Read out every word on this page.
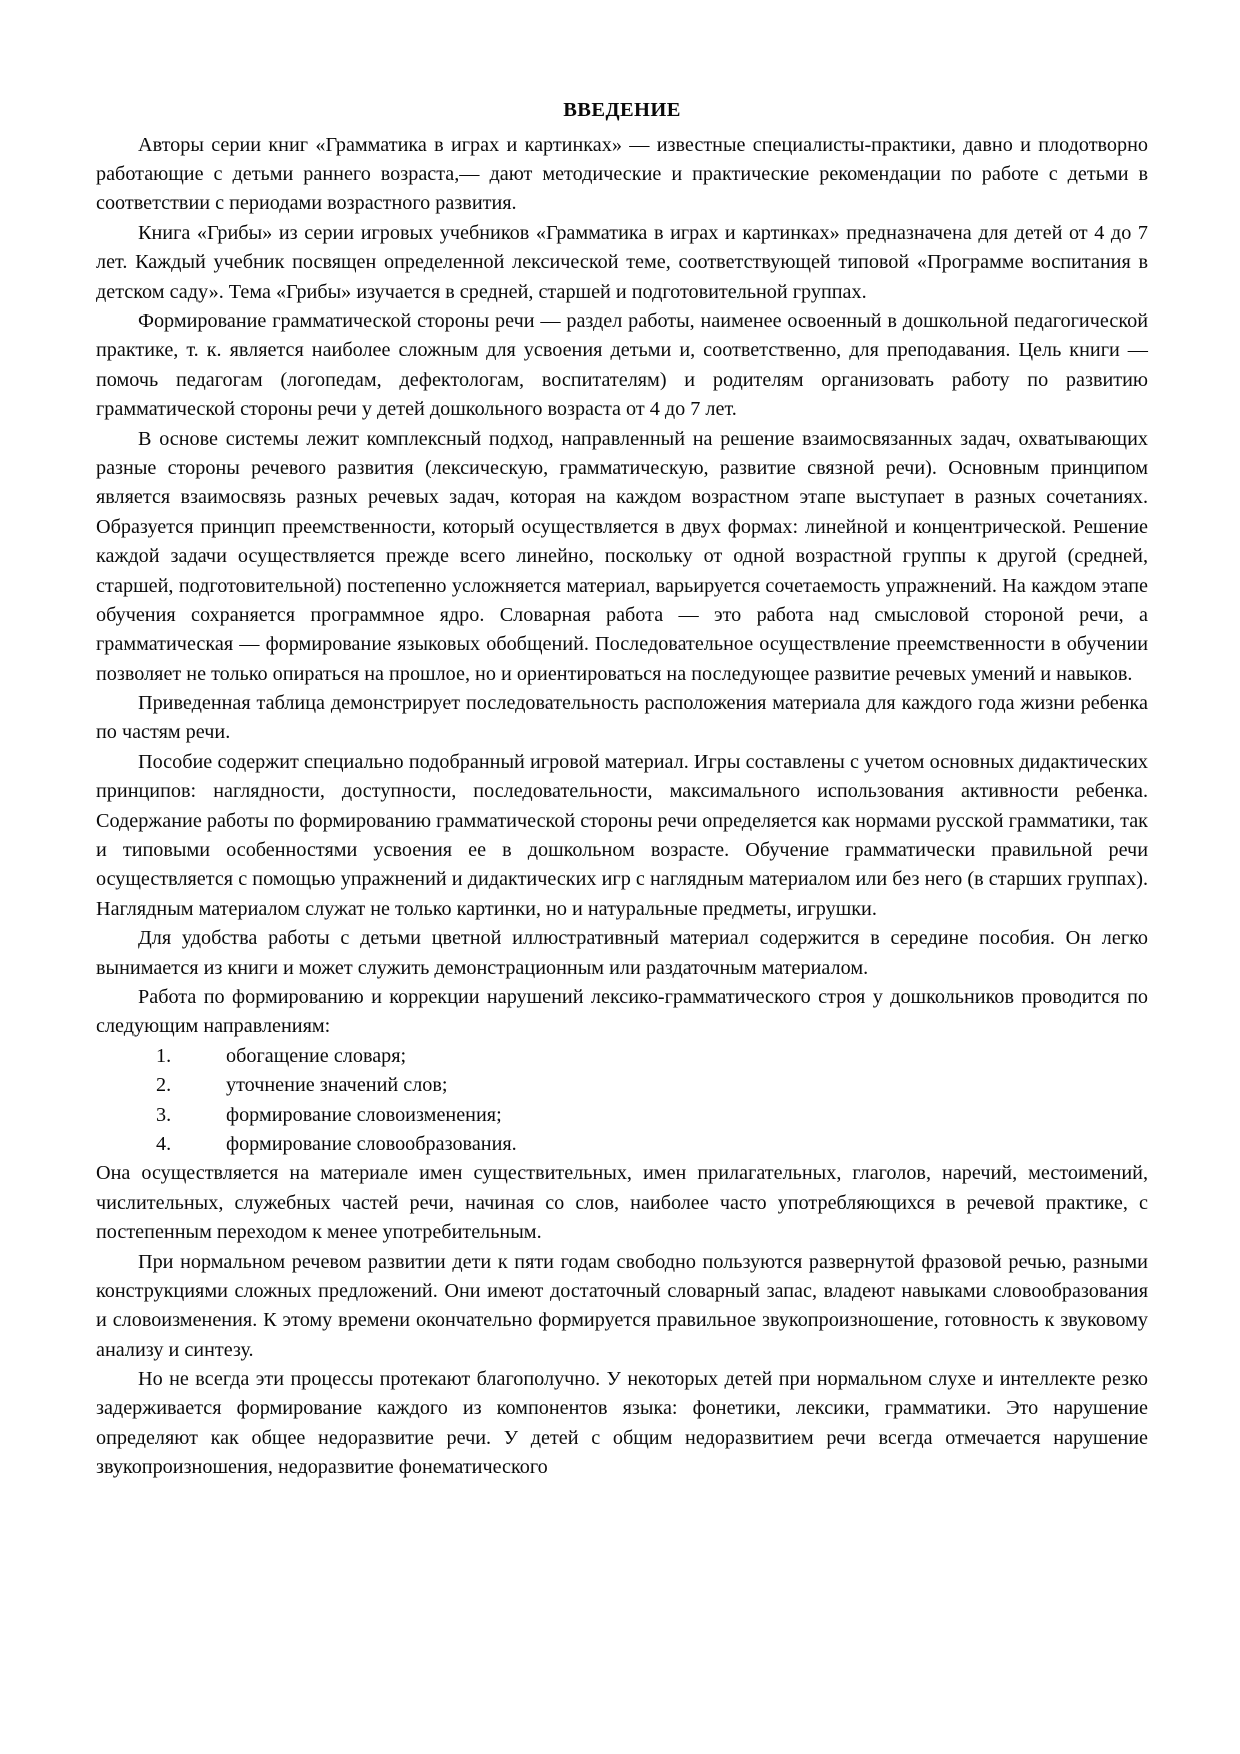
ВВЕДЕНИЕ

Авторы серии книг «Грамматика в играх и картинках» — известные специалисты-практики, давно и плодотворно работающие с детьми раннего возраста,— дают методические и практические рекомендации по работе с детьми в соответствии с периодами возрастного развития.

Книга «Грибы» из серии игровых учебников «Грамматика в играх и картинках» предназначена для детей от 4 до 7 лет. Каждый учебник посвящен определенной лексической теме, соответствующей типовой «Программе воспитания в детском саду». Тема «Грибы» изучается в средней, старшей и подготовительной группах.

Формирование грамматической стороны речи — раздел работы, наименее освоенный в дошкольной педагогической практике, т. к. является наиболее сложным для усвоения детьми и, соответственно, для преподавания. Цель книги — помочь педагогам (логопедам, дефектологам, воспитателям) и родителям организовать работу по развитию грамматической стороны речи у детей дошкольного возраста от 4 до 7 лет.

В основе системы лежит комплексный подход, направленный на решение взаимосвязанных задач, охватывающих разные стороны речевого развития (лексическую, грамматическую, развитие связной речи). Основным принципом является взаимосвязь разных речевых задач, которая на каждом возрастном этапе выступает в разных сочетаниях. Образуется принцип преемственности, который осуществляется в двух формах: линейной и концентрической. Решение каждой задачи осуществляется прежде всего линейно, поскольку от одной возрастной группы к другой (средней, старшей, подготовительной) постепенно усложняется материал, варьируется сочетаемость упражнений. На каждом этапе обучения сохраняется программное ядро. Словарная работа — это работа над смысловой стороной речи, а грамматическая — формирование языковых обобщений. Последовательное осуществление преемственности в обучении позволяет не только опираться на прошлое, но и ориентироваться на последующее развитие речевых умений и навыков.

Приведенная таблица демонстрирует последовательность расположения материала для каждого года жизни ребенка по частям речи.

Пособие содержит специально подобранный игровой материал. Игры составлены с учетом основных дидактических принципов: наглядности, доступности, последовательности, максимального использования активности ребенка. Содержание работы по формированию грамматической стороны речи определяется как нормами русской грамматики, так и типовыми особенностями усвоения ее в дошкольном возрасте. Обучение грамматически правильной речи осуществляется с помощью упражнений и дидактических игр с наглядным материалом или без него (в старших группах). Наглядным материалом служат не только картинки, но и натуральные предметы, игрушки.

Для удобства работы с детьми цветной иллюстративный материал содержится в середине пособия. Он легко вынимается из книги и может служить демонстрационным или раздаточным материалом.

Работа по формированию и коррекции нарушений лексико-грамматического строя у дошкольников проводится по следующим направлениям:

1.	обогащение словаря;
2.	уточнение значений слов;
3.	формирование словоизменения;
4.	формирование словообразования.

Она осуществляется на материале имен существительных, имен прилагательных, глаголов, наречий, местоимений, числительных, служебных частей речи, начиная со слов, наиболее часто употребляющихся в речевой практике, с постепенным переходом к менее употребительным.

При нормальном речевом развитии дети к пяти годам свободно пользуются развернутой фразовой речью, разными конструкциями сложных предложений. Они имеют достаточный словарный запас, владеют навыками словообразования и словоизменения. К этому времени окончательно формируется правильное звукопроизношение, готовность к звуковому анализу и синтезу.

Но не всегда эти процессы протекают благополучно. У некоторых детей при нормальном слухе и интеллекте резко задерживается формирование каждого из компонентов языка: фонетики, лексики, грамматики. Это нарушение определяют как общее недоразвитие речи. У детей с общим недоразвитием речи всегда отмечается нарушение звукопроизношения, недоразвитие фонематического
